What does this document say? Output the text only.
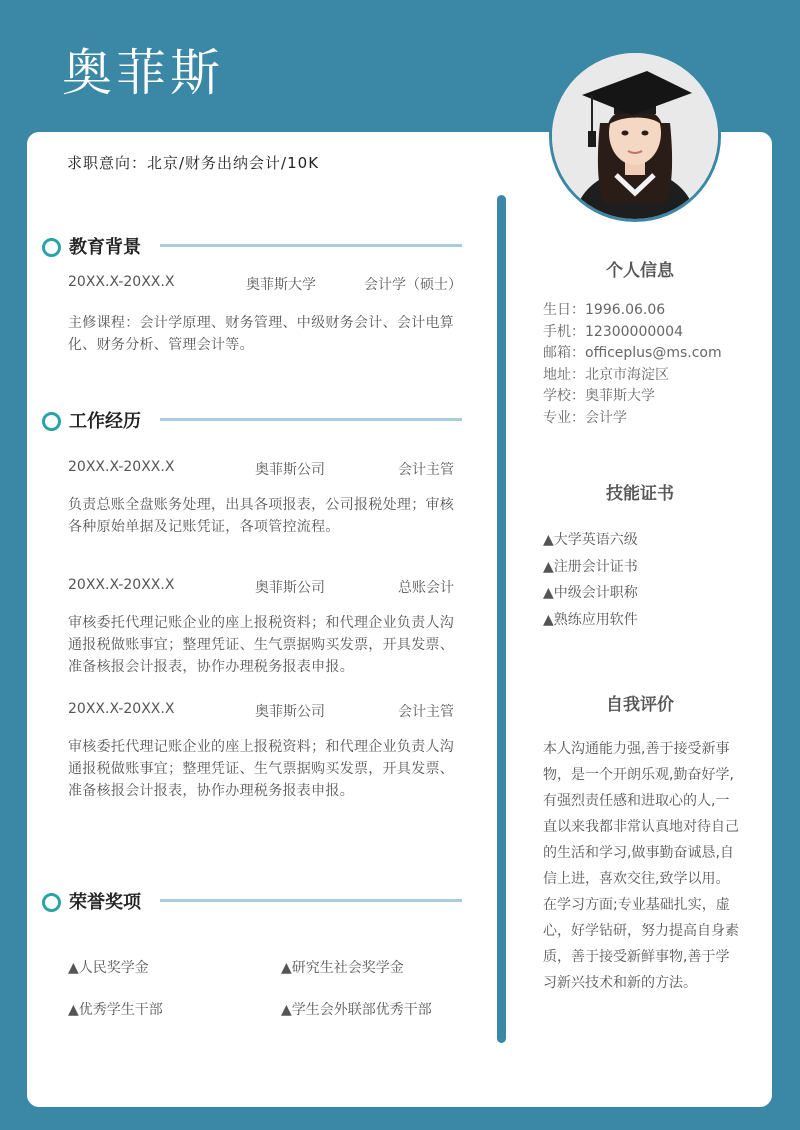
奥菲斯
求职意向：北京/财务出纳会计/10K
教育背景
20XX.X-20XX.X	奥菲斯大学	会计学（硕士）
主修课程：会计学原理、财务管理、中级财务会计、会计电算化、财务分析、管理会计等。
工作经历
20XX.X-20XX.X	奥菲斯公司	会计主管
负责总账全盘账务处理，出具各项报表，公司报税处理；审核各种原始单据及记账凭证，各项管控流程。
20XX.X-20XX.X	奥菲斯公司	总账会计
审核委托代理记账企业的座上报税资料；和代理企业负责人沟通报税做账事宜；整理凭证、生气票据购买发票，开具发票、准备核报会计报表，协作办理税务报表申报。
20XX.X-20XX.X	奥菲斯公司	会计主管
审核委托代理记账企业的座上报税资料；和代理企业负责人沟通报税做账事宜；整理凭证、生气票据购买发票，开具发票、准备核报会计报表，协作办理税务报表申报。
荣誉奖项
▲人民奖学金	▲研究生社会奖学金
▲优秀学生干部	▲学生会外联部优秀干部
个人信息
生日：1996.06.06
手机：12300000004
邮箱：officeplus@ms.com
地址：北京市海淀区
学校：奥菲斯大学
专业：会计学
技能证书
▲大学英语六级
▲注册会计证书
▲中级会计职称
▲熟练应用软件
自我评价
本人沟通能力强,善于接受新事物，是一个开朗乐观,勤奋好学,有强烈责任感和进取心的人,一直以来我都非常认真地对待自己的生活和学习,做事勤奋诚恳,自信上进，喜欢交往,致学以用。在学习方面;专业基础扎实，虚心，好学钻研，努力提高自身素质，善于接受新鲜事物,善于学习新兴技术和新的方法。
